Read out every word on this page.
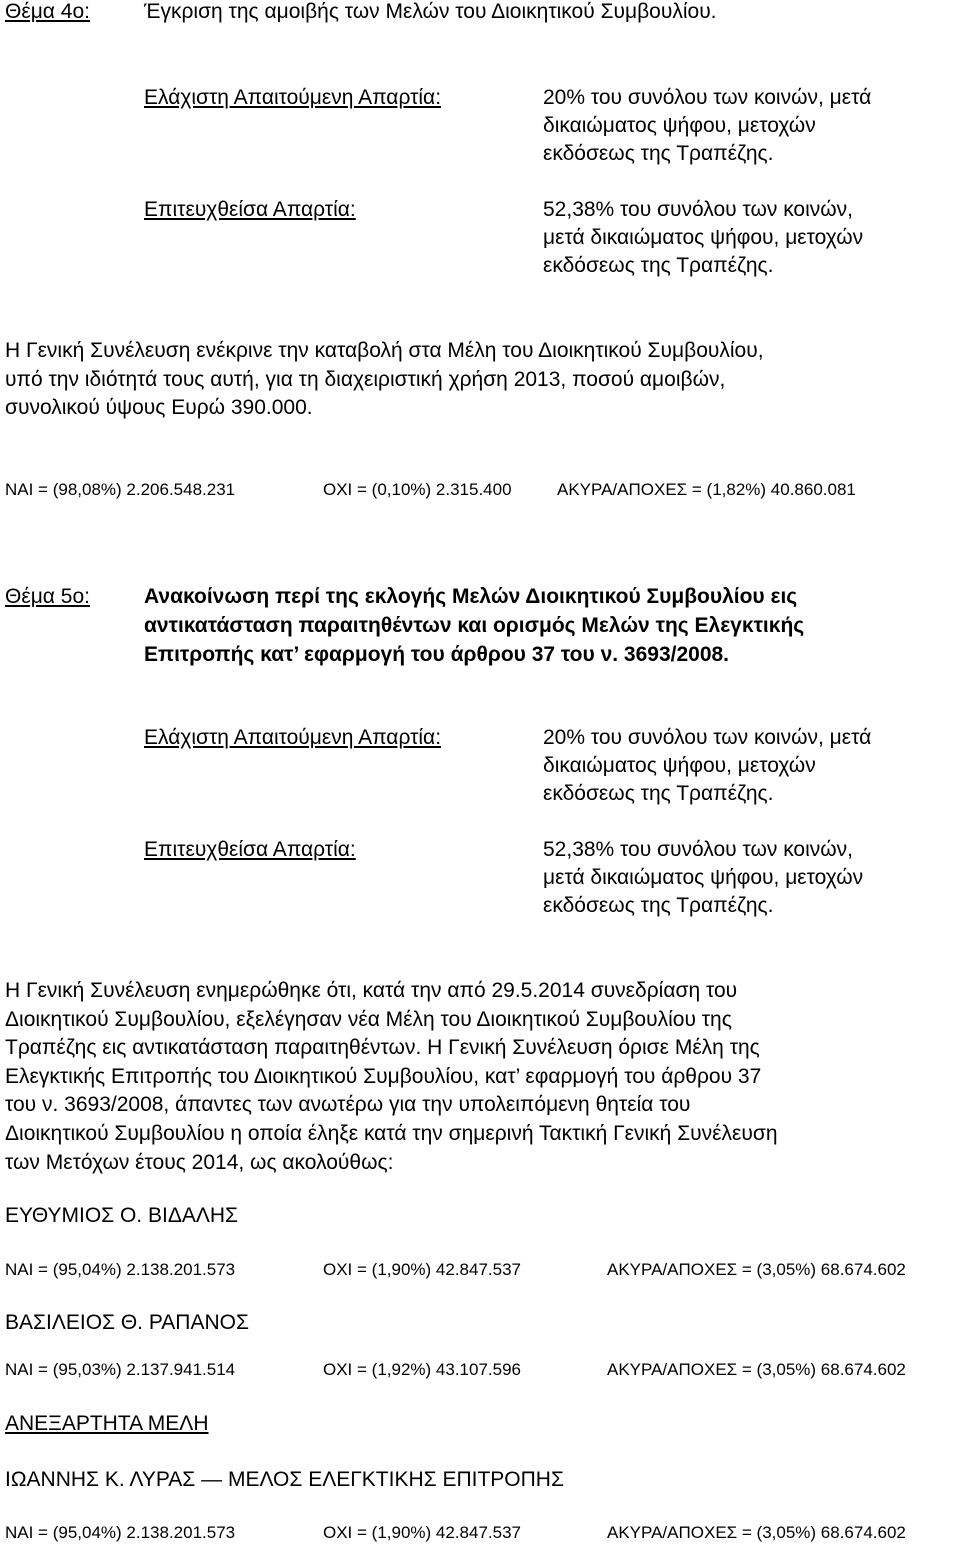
Θέμα 4ο:	Έγκριση της αμοιβής των Μελών του Διοικητικού Συμβουλίου.
Ελάχιστη Απαιτούμενη Απαρτία:	20% του συνόλου των κοινών, μετά
δικαιώματος ψήφου, μετοχών
εκδόσεως της Τραπέζης.
Επιτευχθείσα Απαρτία:	52,38% του συνόλου των κοινών,
μετά δικαιώματος ψήφου, μετοχών
εκδόσεως της Τραπέζης.
Η Γενική Συνέλευση ενέκρινε την καταβολή στα Μέλη του Διοικητικού Συμβουλίου,
υπό την ιδιότητά τους αυτή, για τη διαχειριστική χρήση 2013, ποσού αμοιβών,
συνολικού ύψους Ευρώ 390.000.
ΝΑΙ = (98,08%) 2.206.548.231	ΟΧΙ = (0,10%) 2.315.400	ΑΚΥΡΑ/ΑΠΟΧΕΣ = (1,82%) 40.860.081
Θέμα 5ο:	Ανακοίνωση περί της εκλογής Μελών Διοικητικού Συμβουλίου εις
αντικατάσταση παραιτηθέντων και ορισμός Μελών της Ελεγκτικής
Επιτροπής κατ’ εφαρμογή του άρθρου 37 του ν. 3693/2008.
Ελάχιστη Απαιτούμενη Απαρτία:	20% του συνόλου των κοινών, μετά
δικαιώματος ψήφου, μετοχών
εκδόσεως της Τραπέζης.
Επιτευχθείσα Απαρτία:	52,38% του συνόλου των κοινών,
μετά δικαιώματος ψήφου, μετοχών
εκδόσεως της Τραπέζης.
Η Γενική Συνέλευση ενημερώθηκε ότι, κατά την από 29.5.2014 συνεδρίαση του
Διοικητικού Συμβουλίου, εξελέγησαν νέα Μέλη του Διοικητικού Συμβουλίου της
Τραπέζης εις αντικατάσταση παραιτηθέντων. Η Γενική Συνέλευση όρισε Μέλη της
Ελεγκτικής Επιτροπής του Διοικητικού Συμβουλίου, κατ’ εφαρμογή του άρθρου 37
του ν. 3693/2008, άπαντες των ανωτέρω για την υπολειπόμενη θητεία του
Διοικητικού Συμβουλίου η οποία έληξε κατά την σημερινή Τακτική Γενική Συνέλευση
των Μετόχων έτους 2014, ως ακολούθως:
ΕΥΘΥΜΙΟΣ Ο. ΒΙΔΑΛΗΣ
ΝΑΙ = (95,04%) 2.138.201.573	ΟΧΙ = (1,90%) 42.847.537	ΑΚΥΡΑ/ΑΠΟΧΕΣ = (3,05%) 68.674.602
ΒΑΣΙΛΕΙΟΣ Θ. ΡΑΠΑΝΟΣ
ΝΑΙ = (95,03%) 2.137.941.514	ΟΧΙ = (1,92%) 43.107.596	ΑΚΥΡΑ/ΑΠΟΧΕΣ = (3,05%) 68.674.602
ΑΝΕΞΑΡΤΗΤΑ ΜΕΛΗ
ΙΩΑΝΝΗΣ Κ. ΛΥΡΑΣ — ΜΕΛΟΣ ΕΛΕΓΚΤΙΚΗΣ ΕΠΙΤΡΟΠΗΣ
ΝΑΙ = (95,04%) 2.138.201.573	ΟΧΙ = (1,90%) 42.847.537	ΑΚΥΡΑ/ΑΠΟΧΕΣ = (3,05%) 68.674.602
